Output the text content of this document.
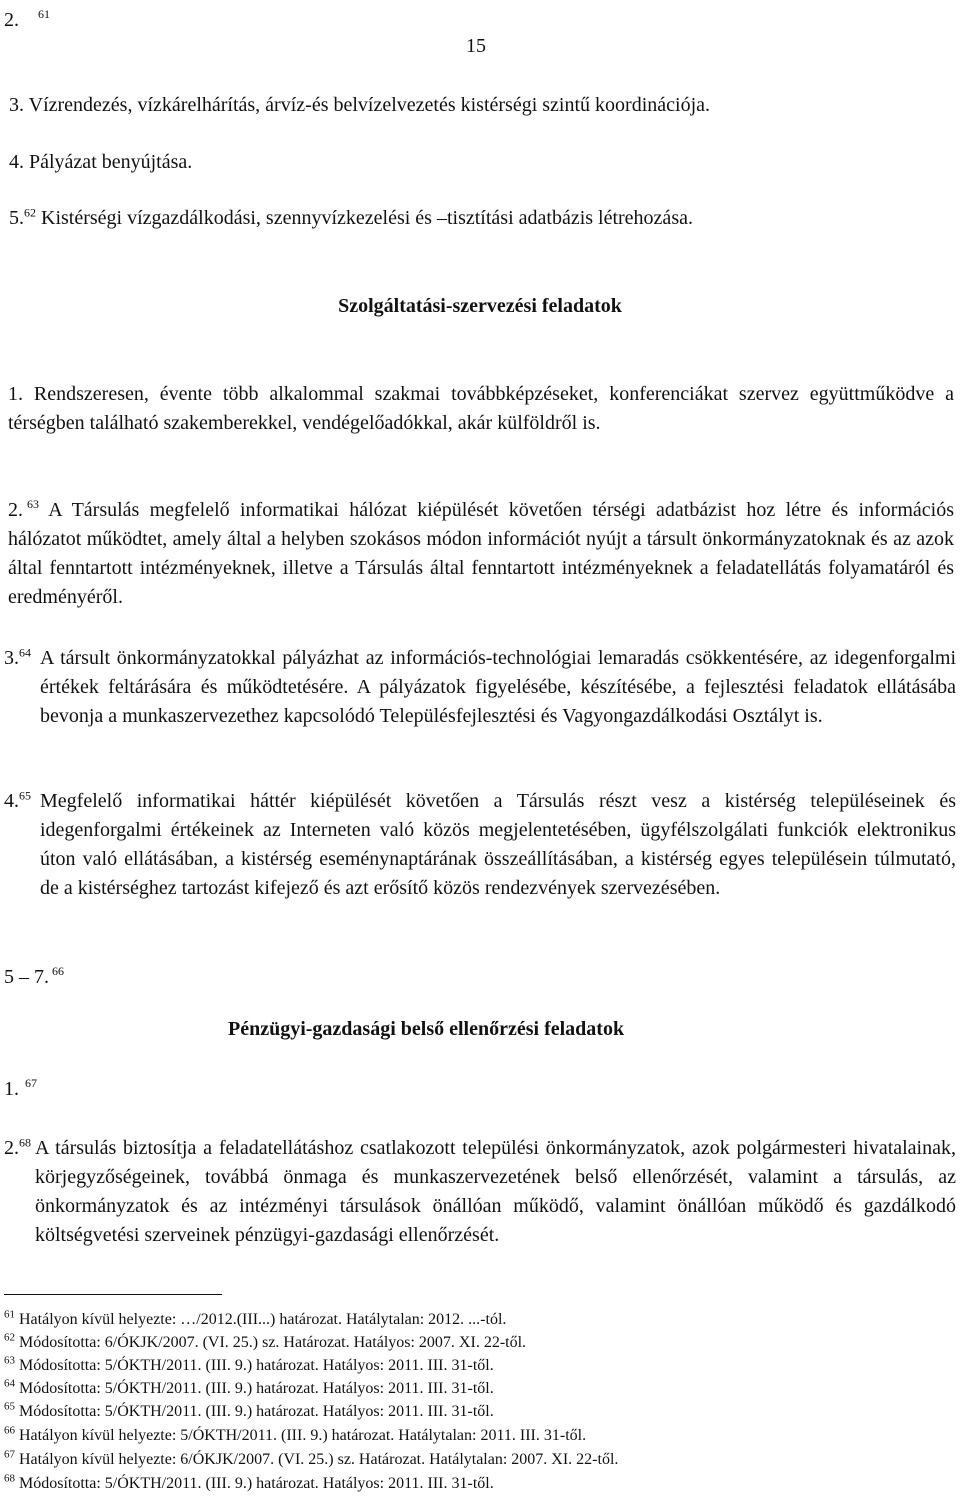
2. $^{61}$
15
3. Vízrendezés, vízkárelhárítás, árvíz-és belvízelvezetés kistérségi szintű koordinációja.
4. Pályázat benyújtása.
5.62 Kistérségi vízgazdálkodási, szennyvízkezelési és –tisztítási adatbázis létrehozása.
Szolgáltatási-szervezési feladatok
1. Rendszeresen, évente több alkalommal szakmai továbbképzéseket, konferenciákat szervez együttműködve a térségben található szakemberekkel, vendégelőadókkal, akár külföldről is.
2. $^{63}$ A Társulás megfelelő informatikai hálózat kiépülését követően térségi adatbázist hoz létre és információs hálózatot működtet, amely által a helyben szokásos módon információt nyújt a társult önkormányzatoknak és az azok által fenntartott intézményeknek, illetve a Társulás által fenntartott intézményeknek a feladatellátás folyamatáról és eredményéről.
3.64 A társult önkormányzatokkal pályázhat az információs-technológiai lemaradás csökkentésére, az idegenforgalmi értékek feltárására és működtetésére. A pályázatok figyelésébe, készítésébe, a fejlesztési feladatok ellátásába bevonja a munkaszervezethez kapcsolódó Településfejlesztési és Vagyongazdálkodási Osztályt is.
4.65 Megfelelő informatikai háttér kiépülését követően a Társulás részt vesz a kistérség településeinek és idegenforgalmi értékeinek az Interneten való közös megjelentetésében, ügyfélszolgálati funkciók elektronikus úton való ellátásában, a kistérség eseménynaptárának összeállításában, a kistérség egyes településein túlmutató, de a kistérséghez tartozást kifejező és azt erősítő közös rendezvények szervezésében.
5 – 7. $^{66}$
Pénzügyi-gazdasági belső ellenőrzési feladatok
1. $^{67}$
2.68 A társulás biztosítja a feladatellátáshoz csatlakozott települési önkormányzatok, azok polgármesteri hivatalainak, körjegyzőségeinek, továbbá önmaga és munkaszervezetének belső ellenőrzését, valamint a társulás, az önkormányzatok és az intézményi társulások önállóan működő, valamint önállóan működő és gazdálkodó költségvetési szerveinek pénzügyi-gazdasági ellenőrzését.
$^{61}$ Hatályon kívül helyezte: …/2012.(III...) határozat. Hatálytalan: 2012. ...-tól.
$^{62}$ Módosította: 6/ÓKJK/2007. (VI. 25.) sz. Határozat. Hatályos: 2007. XI. 22-től.
$^{63}$ Módosította: 5/ÓKTH/2011. (III. 9.) határozat. Hatályos: 2011. III. 31-től.
$^{64}$ Módosította: 5/ÓKTH/2011. (III. 9.) határozat. Hatályos: 2011. III. 31-től.
$^{65}$ Módosította: 5/ÓKTH/2011. (III. 9.) határozat. Hatályos: 2011. III. 31-től.
$^{66}$ Hatályon kívül helyezte: 5/ÓKTH/2011. (III. 9.) határozat. Hatálytalan: 2011. III. 31-től.
$^{67}$ Hatályon kívül helyezte: 6/ÓKJK/2007. (VI. 25.) sz. Határozat. Hatálytalan: 2007. XI. 22-től.
$^{68}$ Módosította: 5/ÓKTH/2011. (III. 9.) határozat. Hatályos: 2011. III. 31-től.
